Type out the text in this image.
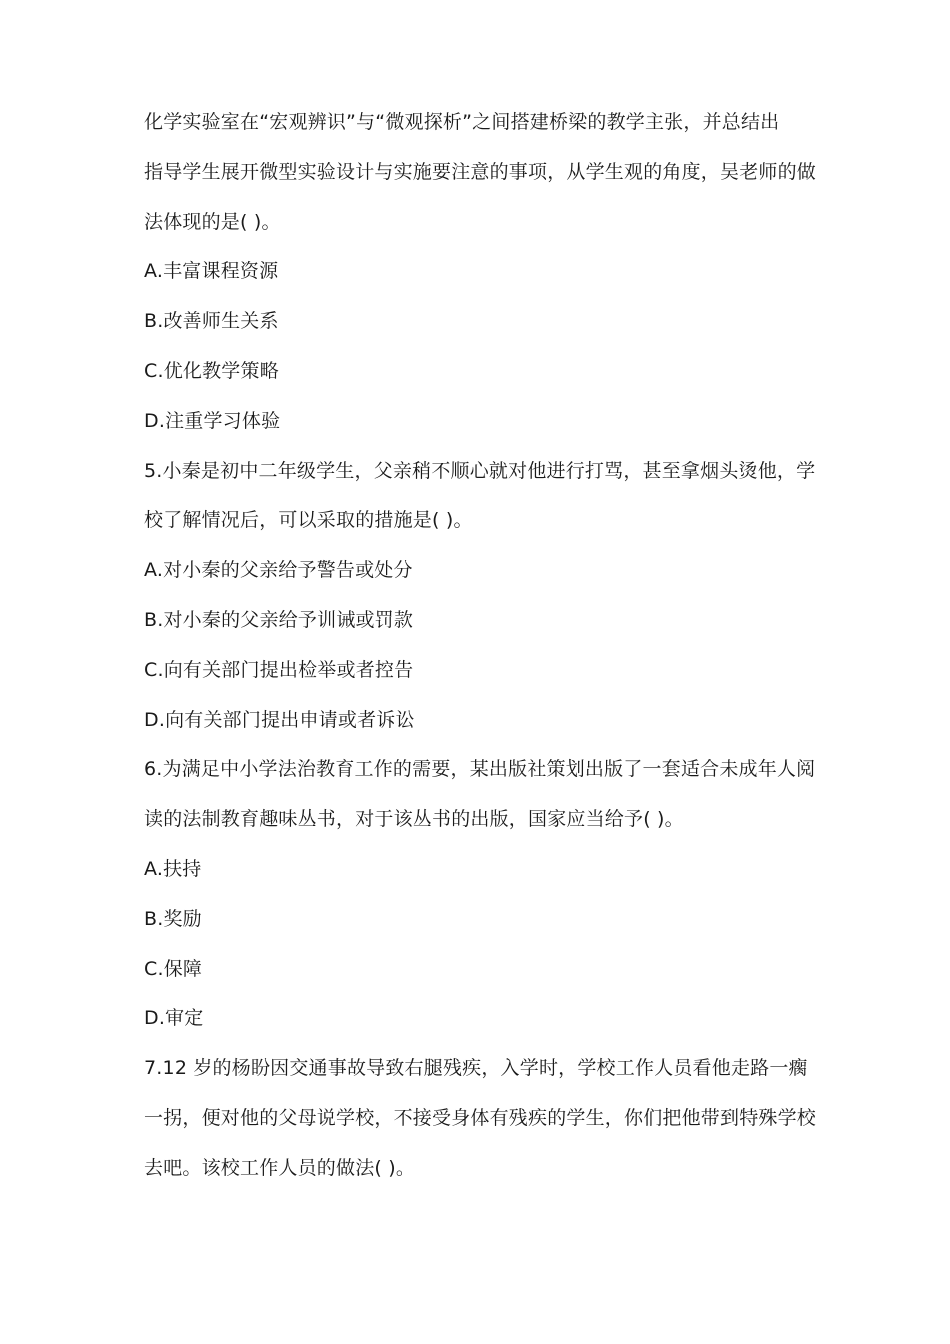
化学实验室在“宏观辨识”与“微观探析”之间搭建桥梁的教学主张，并总结出
指导学生展开微型实验设计与实施要注意的事项，从学生观的角度，吴老师的做
法体现的是( )。
A.丰富课程资源
B.改善师生关系
C.优化教学策略
D.注重学习体验
5.小秦是初中二年级学生，父亲稍不顺心就对他进行打骂，甚至拿烟头烫他，学
校了解情况后，可以采取的措施是( )。
A.对小秦的父亲给予警告或处分
B.对小秦的父亲给予训诫或罚款
C.向有关部门提出检举或者控告
D.向有关部门提出申请或者诉讼
6.为满足中小学法治教育工作的需要，某出版社策划出版了一套适合未成年人阅
读的法制教育趣味丛书，对于该丛书的出版，国家应当给予( )。
A.扶持
B.奖励
C.保障
D.审定
7.12 岁的杨盼因交通事故导致右腿残疾，入学时，学校工作人员看他走路一瘸
一拐，便对他的父母说学校，不接受身体有残疾的学生，你们把他带到特殊学校
去吧。该校工作人员的做法( )。
